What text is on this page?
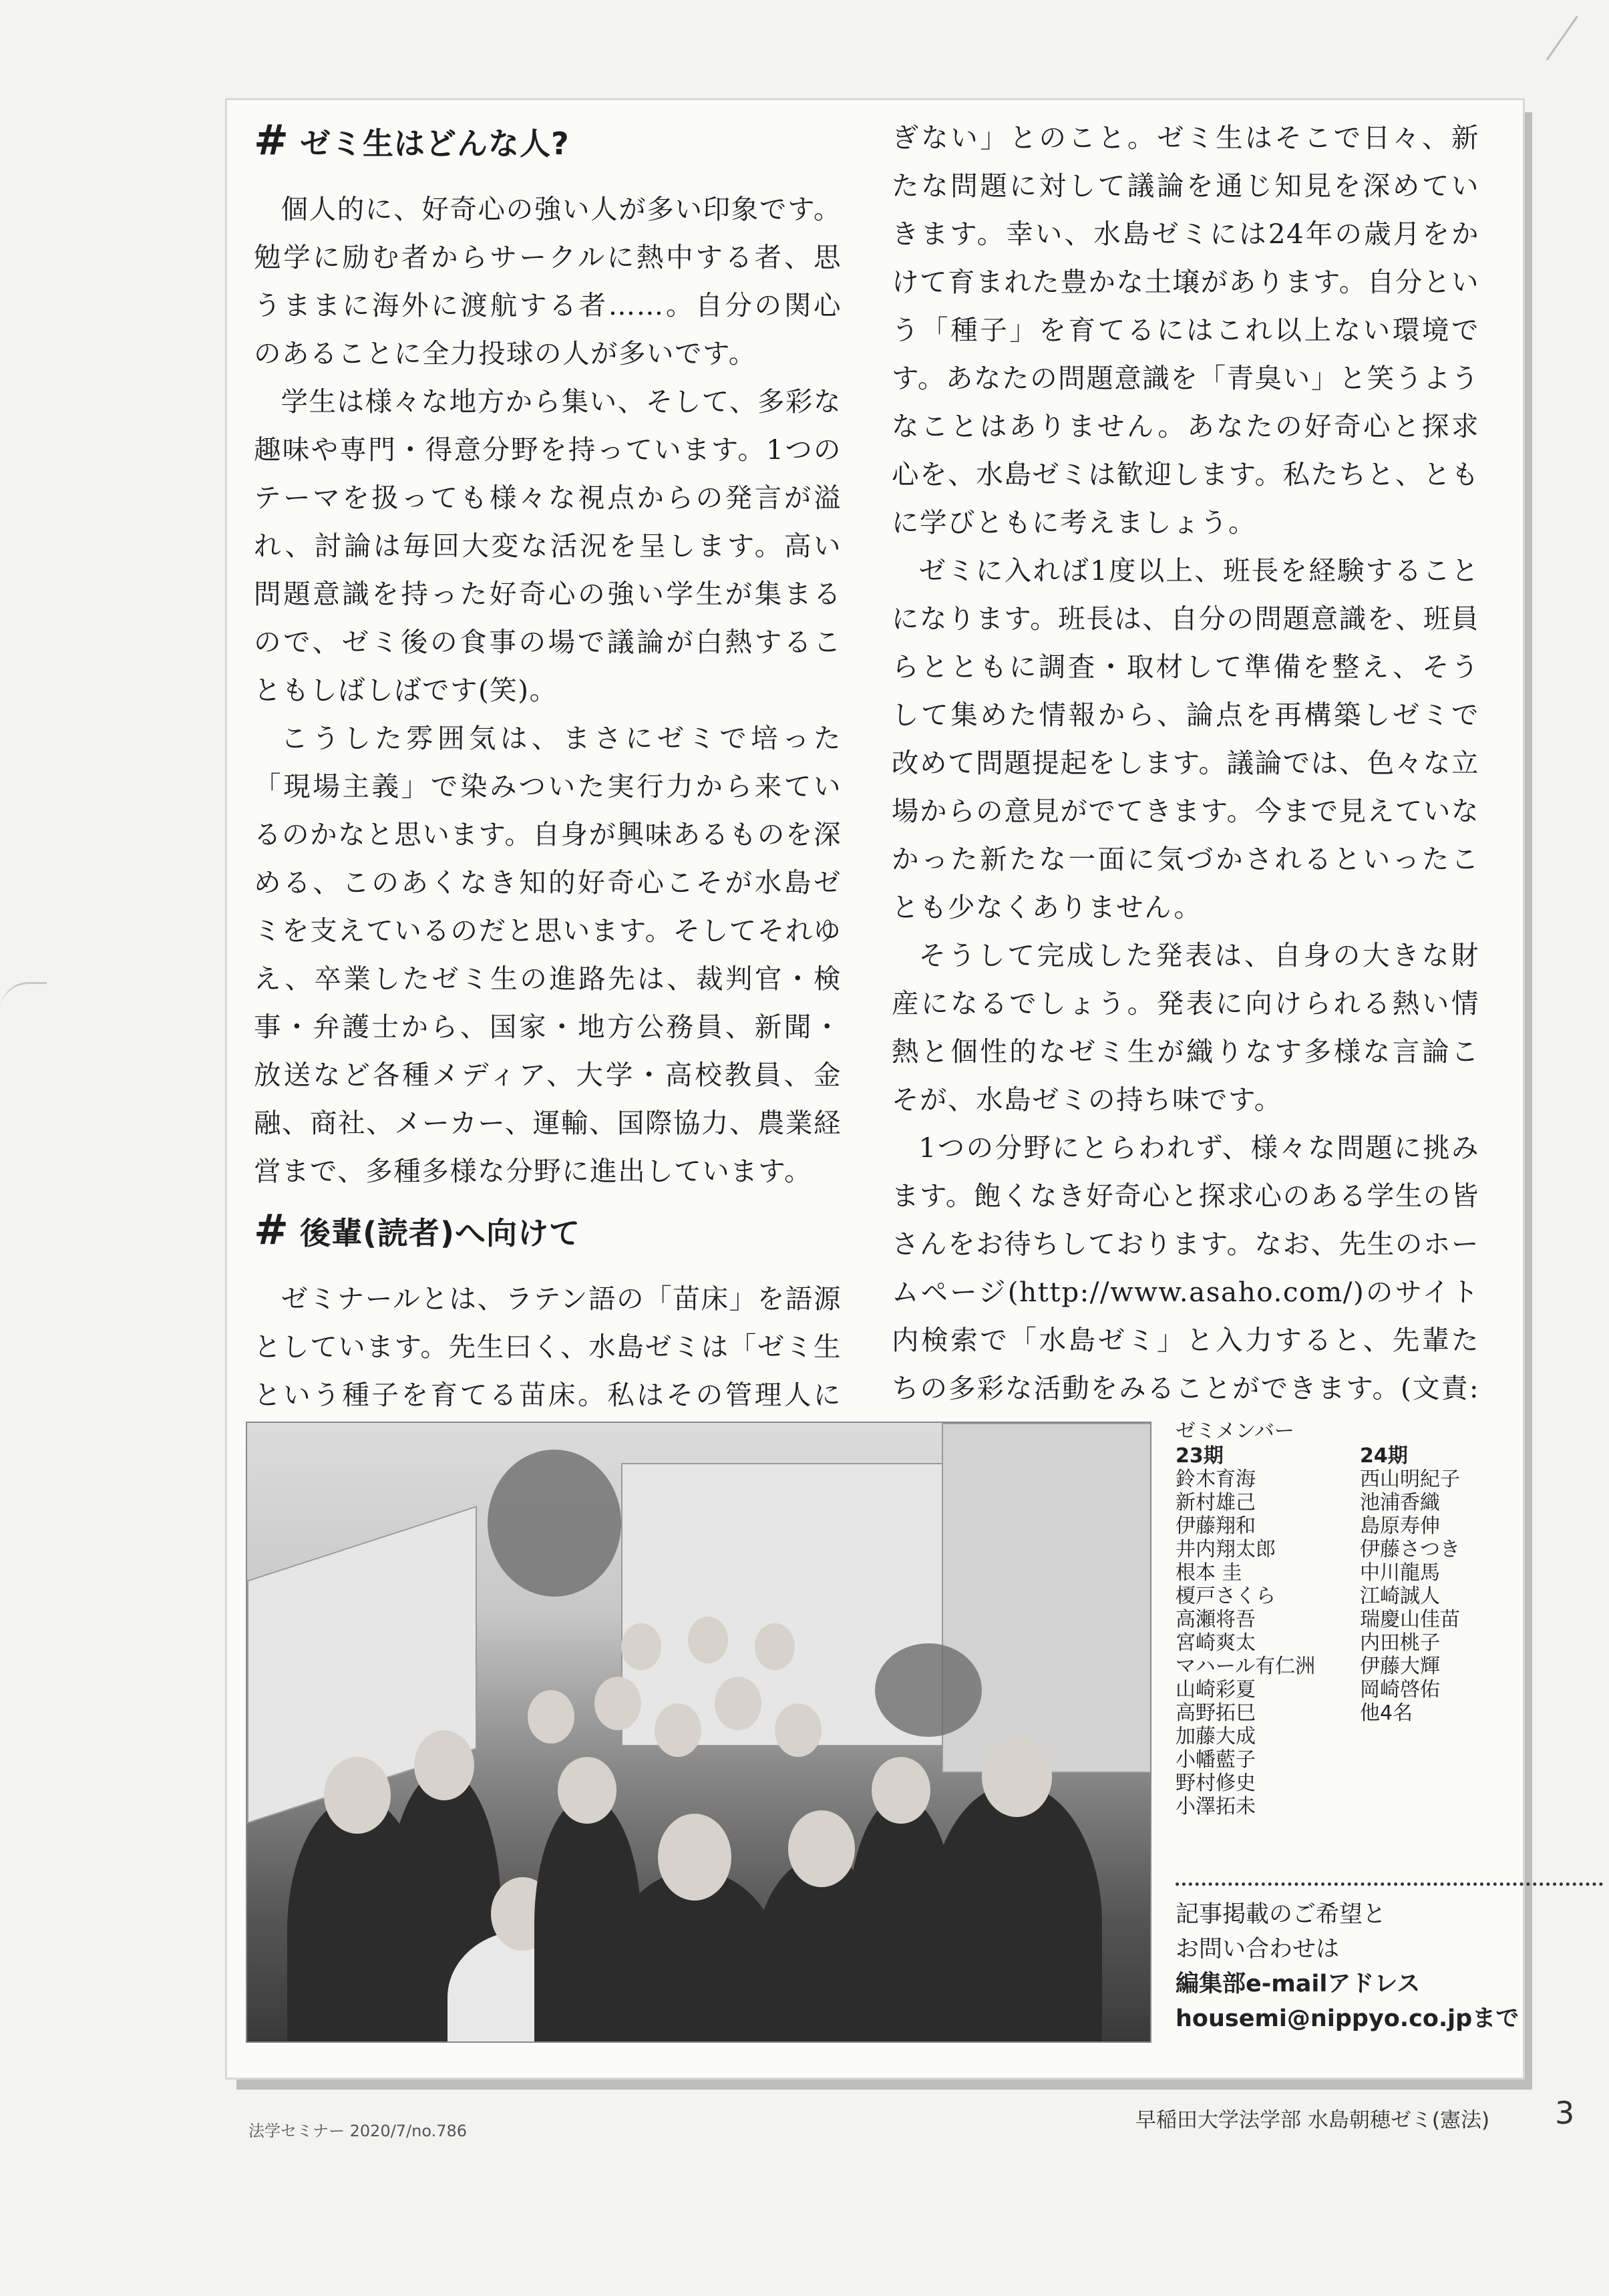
# ゼミ生はどんな人?

個人的に、好奇心の強い人が多い印象です。勉学に励む者からサークルに熱中する者、思うままに海外に渡航する者……。自分の関心のあることに全力投球の人が多いです。

学生は様々な地方から集い、そして、多彩な趣味や専門・得意分野を持っています。1つのテーマを扱っても様々な視点からの発言が溢れ、討論は毎回大変な活況を呈します。高い問題意識を持った好奇心の強い学生が集まるので、ゼミ後の食事の場で議論が白熱することもしばしばです(笑)。

こうした雰囲気は、まさにゼミで培った「現場主義」で染みついた実行力から来ているのかなと思います。自身が興味あるものを深める、このあくなき知的好奇心こそが水島ゼミを支えているのだと思います。そしてそれゆえ、卒業したゼミ生の進路先は、裁判官・検事・弁護士から、国家・地方公務員、新聞・放送など各種メディア、大学・高校教員、金融、商社、メーカー、運輸、国際協力、農業経営まで、多種多様な分野に進出しています。

# 後輩(読者)へ向けて

ゼミナールとは、ラテン語の「苗床」を語源としています。先生曰く、水島ゼミは「ゼミ生という種子を育てる苗床。私はその管理人に

ぎない」とのこと。ゼミ生はそこで日々、新たな問題に対して議論を通じ知見を深めていきます。幸い、水島ゼミには24年の歳月をかけて育まれた豊かな土壌があります。自分という「種子」を育てるにはこれ以上ない環境です。あなたの問題意識を「青臭い」と笑うようなことはありません。あなたの好奇心と探求心を、水島ゼミは歓迎します。私たちと、ともに学びともに考えましょう。

ゼミに入れば1度以上、班長を経験することになります。班長は、自分の問題意識を、班員らとともに調査・取材して準備を整え、そうして集めた情報から、論点を再構築しゼミで改めて問題提起をします。議論では、色々な立場からの意見がでてきます。今まで見えていなかった新たな一面に気づかされるといったことも少なくありません。

そうして完成した発表は、自身の大きな財産になるでしょう。発表に向けられる熱い情熱と個性的なゼミ生が織りなす多様な言論こそが、水島ゼミの持ち味です。

1つの分野にとらわれず、様々な問題に挑みます。飽くなき好奇心と探求心のある学生の皆さんをお待ちしております。なお、先生のホームページ(http://www.asaho.com/)のサイト内検索で「水島ゼミ」と入力すると、先輩たちの多彩な活動をみることができます。(文責:

ゼミメンバー
23期
鈴木育海
新村雄己
伊藤翔和
井内翔太郎
根本 圭
榎戸さくら
高瀬将吾
宮崎爽太
マハール有仁洲
山崎彩夏
高野拓巳
加藤大成
小幡藍子
野村修史
小澤拓未
24期
西山明紀子
池浦香織
島原寿伸
伊藤さつき
中川龍馬
江崎誠人
瑞慶山佳苗
内田桃子
伊藤大輝
岡崎啓佑
他4名
記事掲載のご希望と
お問い合わせは
編集部e-mailアドレス
housemi@nippyo.co.jpまで
法学セミナー 2020/7/no.786	早稲田大学法学部 水島朝穂ゼミ(憲法) 3
